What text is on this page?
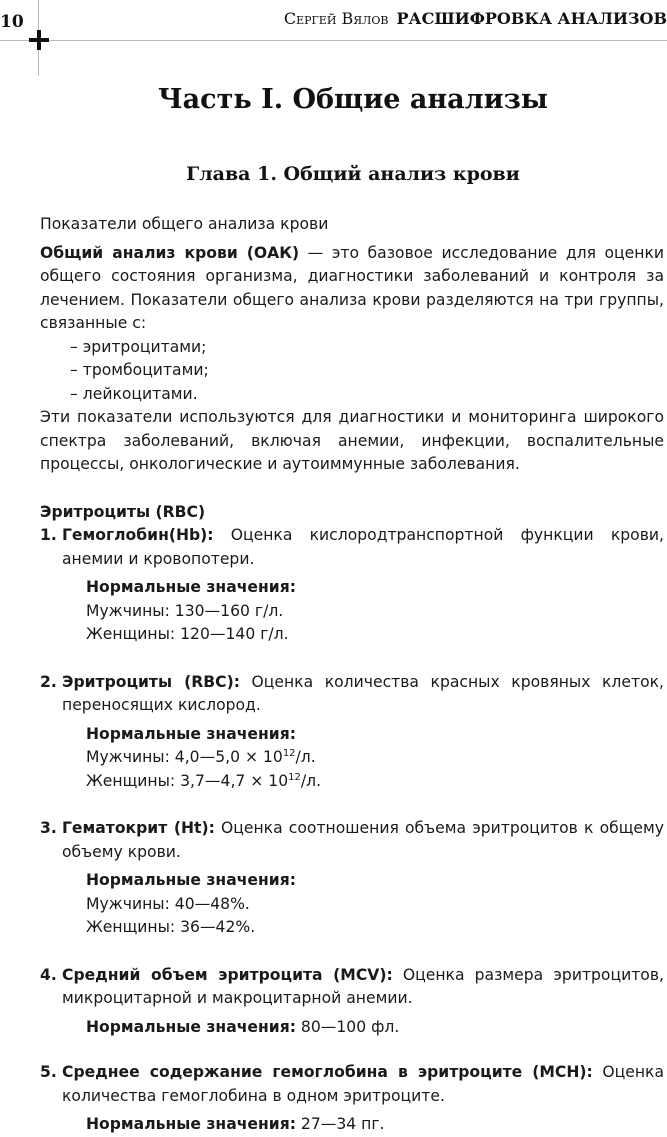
10	Сергей Вялов РАСШИФРОВКА АНАЛИЗОВ
Часть I. Общие анализы
Глава 1. Общий анализ крови

Показатели общего анализа крови

Общий анализ крови (ОАК) — это базовое исследование для оценки общего состояния организма, диагностики заболеваний и контроля за лечением. Показатели общего анализа крови разделяются на три группы, связанные с:

– эритроцитами;
– тромбоцитами;
– лейкоцитами.

Эти показатели используются для диагностики и мониторинга широкого спектра заболеваний, включая анемии, инфекции, воспалительные процессы, онкологические и аутоиммунные заболевания.

Эритроциты (RBC)

1. Гемоглобин(Hb): Оценка кислородтранспортной функции крови, анемии и кровопотери.

Нормальные значения:

Мужчины: 130—160 г/л.

Женщины: 120—140 г/л.

2. Эритроциты (RBC): Оценка количества красных кровяных клеток, переносящих кислород.

Нормальные значения:

Мужчины: 4,0—5,0 × $10^{12}/л$.

Женщины: 3,7—4,7 × $10^{12}/л$.

3. Гематокрит (Ht): Оценка соотношения объема эритроцитов к общему объему крови.

Нормальные значения:

Мужчины: 40—48%.

Женщины: 36—42%.

4. Средний объем эритроцита (MCV): Оценка размера эритроцитов, микроцитарной и макроцитарной анемии.

Нормальные значения: 80—100 фл.

5. Среднее содержание гемоглобина в эритроците (MCH): Оценка количества гемоглобина в одном эритроците.

Нормальные значения: 27—34 пг.
